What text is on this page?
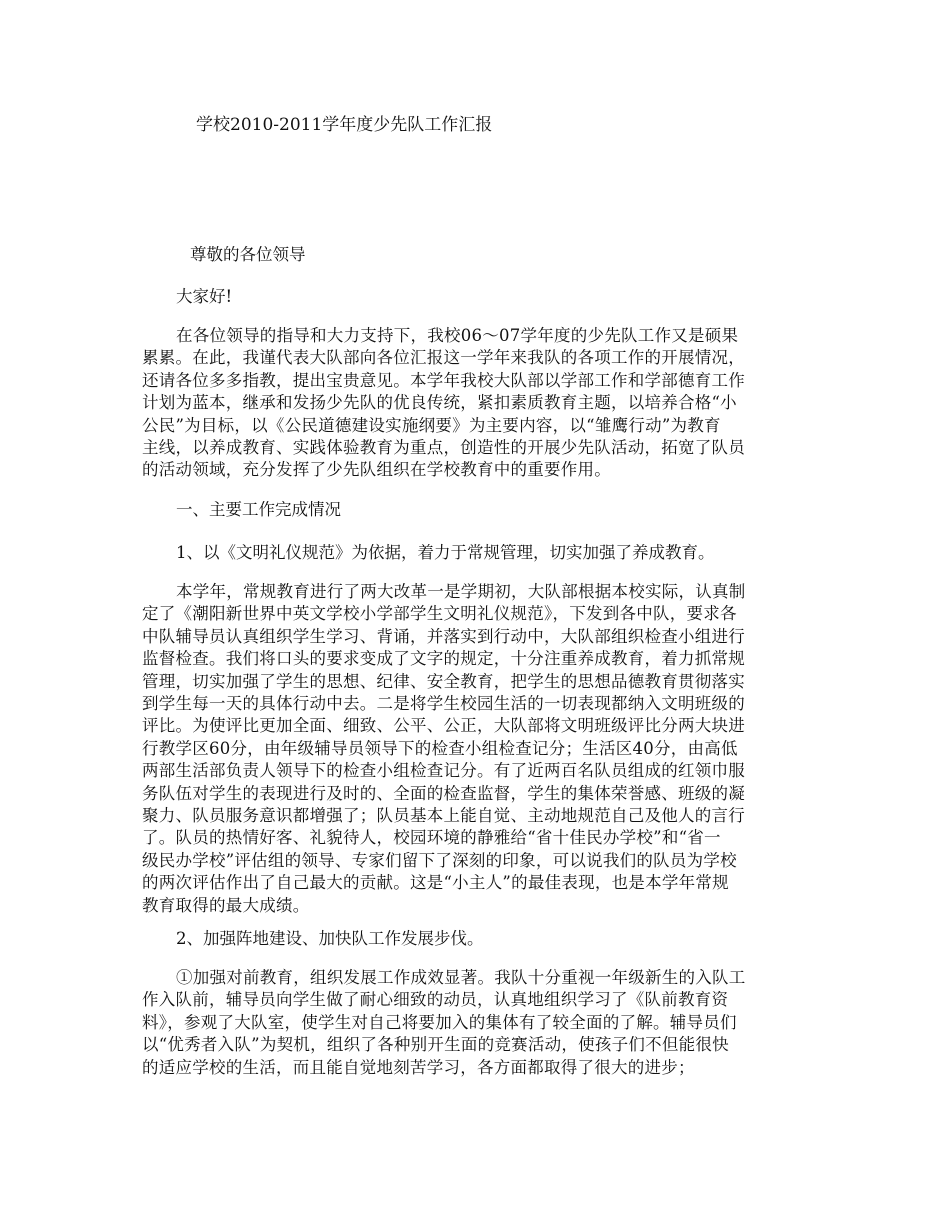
学校2010-2011学年度少先队工作汇报
尊敬的各位领导
大家好!
在各位领导的指导和大力支持下，我校06～07学年度的少先队工作又是硕果
累累。在此，我谨代表大队部向各位汇报这一学年来我队的各项工作的开展情况，
还请各位多多指教，提出宝贵意见。本学年我校大队部以学部工作和学部德育工作
计划为蓝本，继承和发扬少先队的优良传统，紧扣素质教育主题，以培养合格“小
公民”为目标，以《公民道德建设实施纲要》为主要内容，以“雏鹰行动”为教育
主线，以养成教育、实践体验教育为重点，创造性的开展少先队活动，拓宽了队员
的活动领域，充分发挥了少先队组织在学校教育中的重要作用。
一、主要工作完成情况
1、以《文明礼仪规范》为依据，着力于常规管理，切实加强了养成教育。
本学年，常规教育进行了两大改革一是学期初，大队部根据本校实际，认真制
定了《潮阳新世界中英文学校小学部学生文明礼仪规范》，下发到各中队，要求各
中队辅导员认真组织学生学习、背诵，并落实到行动中，大队部组织检查小组进行
监督检查。我们将口头的要求变成了文字的规定，十分注重养成教育，着力抓常规
管理，切实加强了学生的思想、纪律、安全教育，把学生的思想品德教育贯彻落实
到学生每一天的具体行动中去。二是将学生校园生活的一切表现都纳入文明班级的
评比。为使评比更加全面、细致、公平、公正，大队部将文明班级评比分两大块进
行教学区60分，由年级辅导员领导下的检查小组检查记分；生活区40分，由高低
两部生活部负责人领导下的检查小组检查记分。有了近两百名队员组成的红领巾服
务队伍对学生的表现进行及时的、全面的检查监督，学生的集体荣誉感、班级的凝
聚力、队员服务意识都增强了；队员基本上能自觉、主动地规范自己及他人的言行
了。队员的热情好客、礼貌待人，校园环境的静雅给“省十佳民办学校”和“省一
级民办学校”评估组的领导、专家们留下了深刻的印象，可以说我们的队员为学校
的两次评估作出了自己最大的贡献。这是“小主人”的最佳表现，也是本学年常规
教育取得的最大成绩。
2、加强阵地建设、加快队工作发展步伐。
①加强对前教育，组织发展工作成效显著。我队十分重视一年级新生的入队工
作入队前，辅导员向学生做了耐心细致的动员，认真地组织学习了《队前教育资
料》，参观了大队室，使学生对自己将要加入的集体有了较全面的了解。辅导员们
以“优秀者入队”为契机，组织了各种别开生面的竞赛活动，使孩子们不但能很快
的适应学校的生活，而且能自觉地刻苦学习，各方面都取得了很大的进步；
